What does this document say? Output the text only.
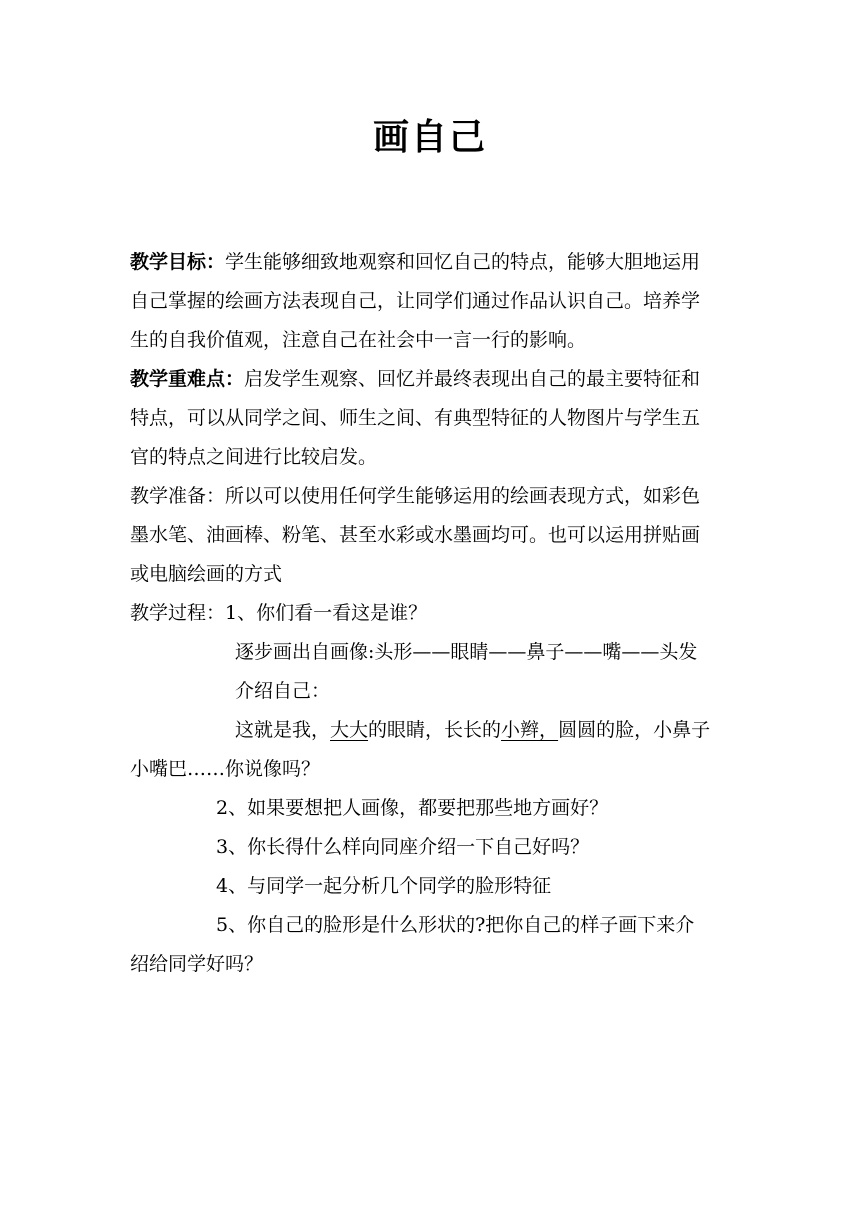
画自己

教学目标：学生能够细致地观察和回忆自己的特点，能够大胆地运用

自己掌握的绘画方法表现自己，让同学们通过作品认识自己。培养学

生的自我价值观，注意自己在社会中一言一行的影响。

教学重难点：启发学生观察、回忆并最终表现出自己的最主要特征和

特点，可以从同学之间、师生之间、有典型特征的人物图片与学生五

官的特点之间进行比较启发。

教学准备：所以可以使用任何学生能够运用的绘画表现方式，如彩色

墨水笔、油画棒、粉笔、甚至水彩或水墨画均可。也可以运用拼贴画

或电脑绘画的方式

教学过程：1、你们看一看这是谁？

逐步画出自画像:头形——眼睛——鼻子——嘴——头发

介绍自己：

这就是我，大大的眼睛，长长的小辫，圆圆的脸，小鼻子

小嘴巴……你说像吗？

2、如果要想把人画像，都要把那些地方画好？

3、你长得什么样向同座介绍一下自己好吗？

4、与同学一起分析几个同学的脸形特征

5、你自己的脸形是什么形状的?把你自己的样子画下来介

绍给同学好吗？
